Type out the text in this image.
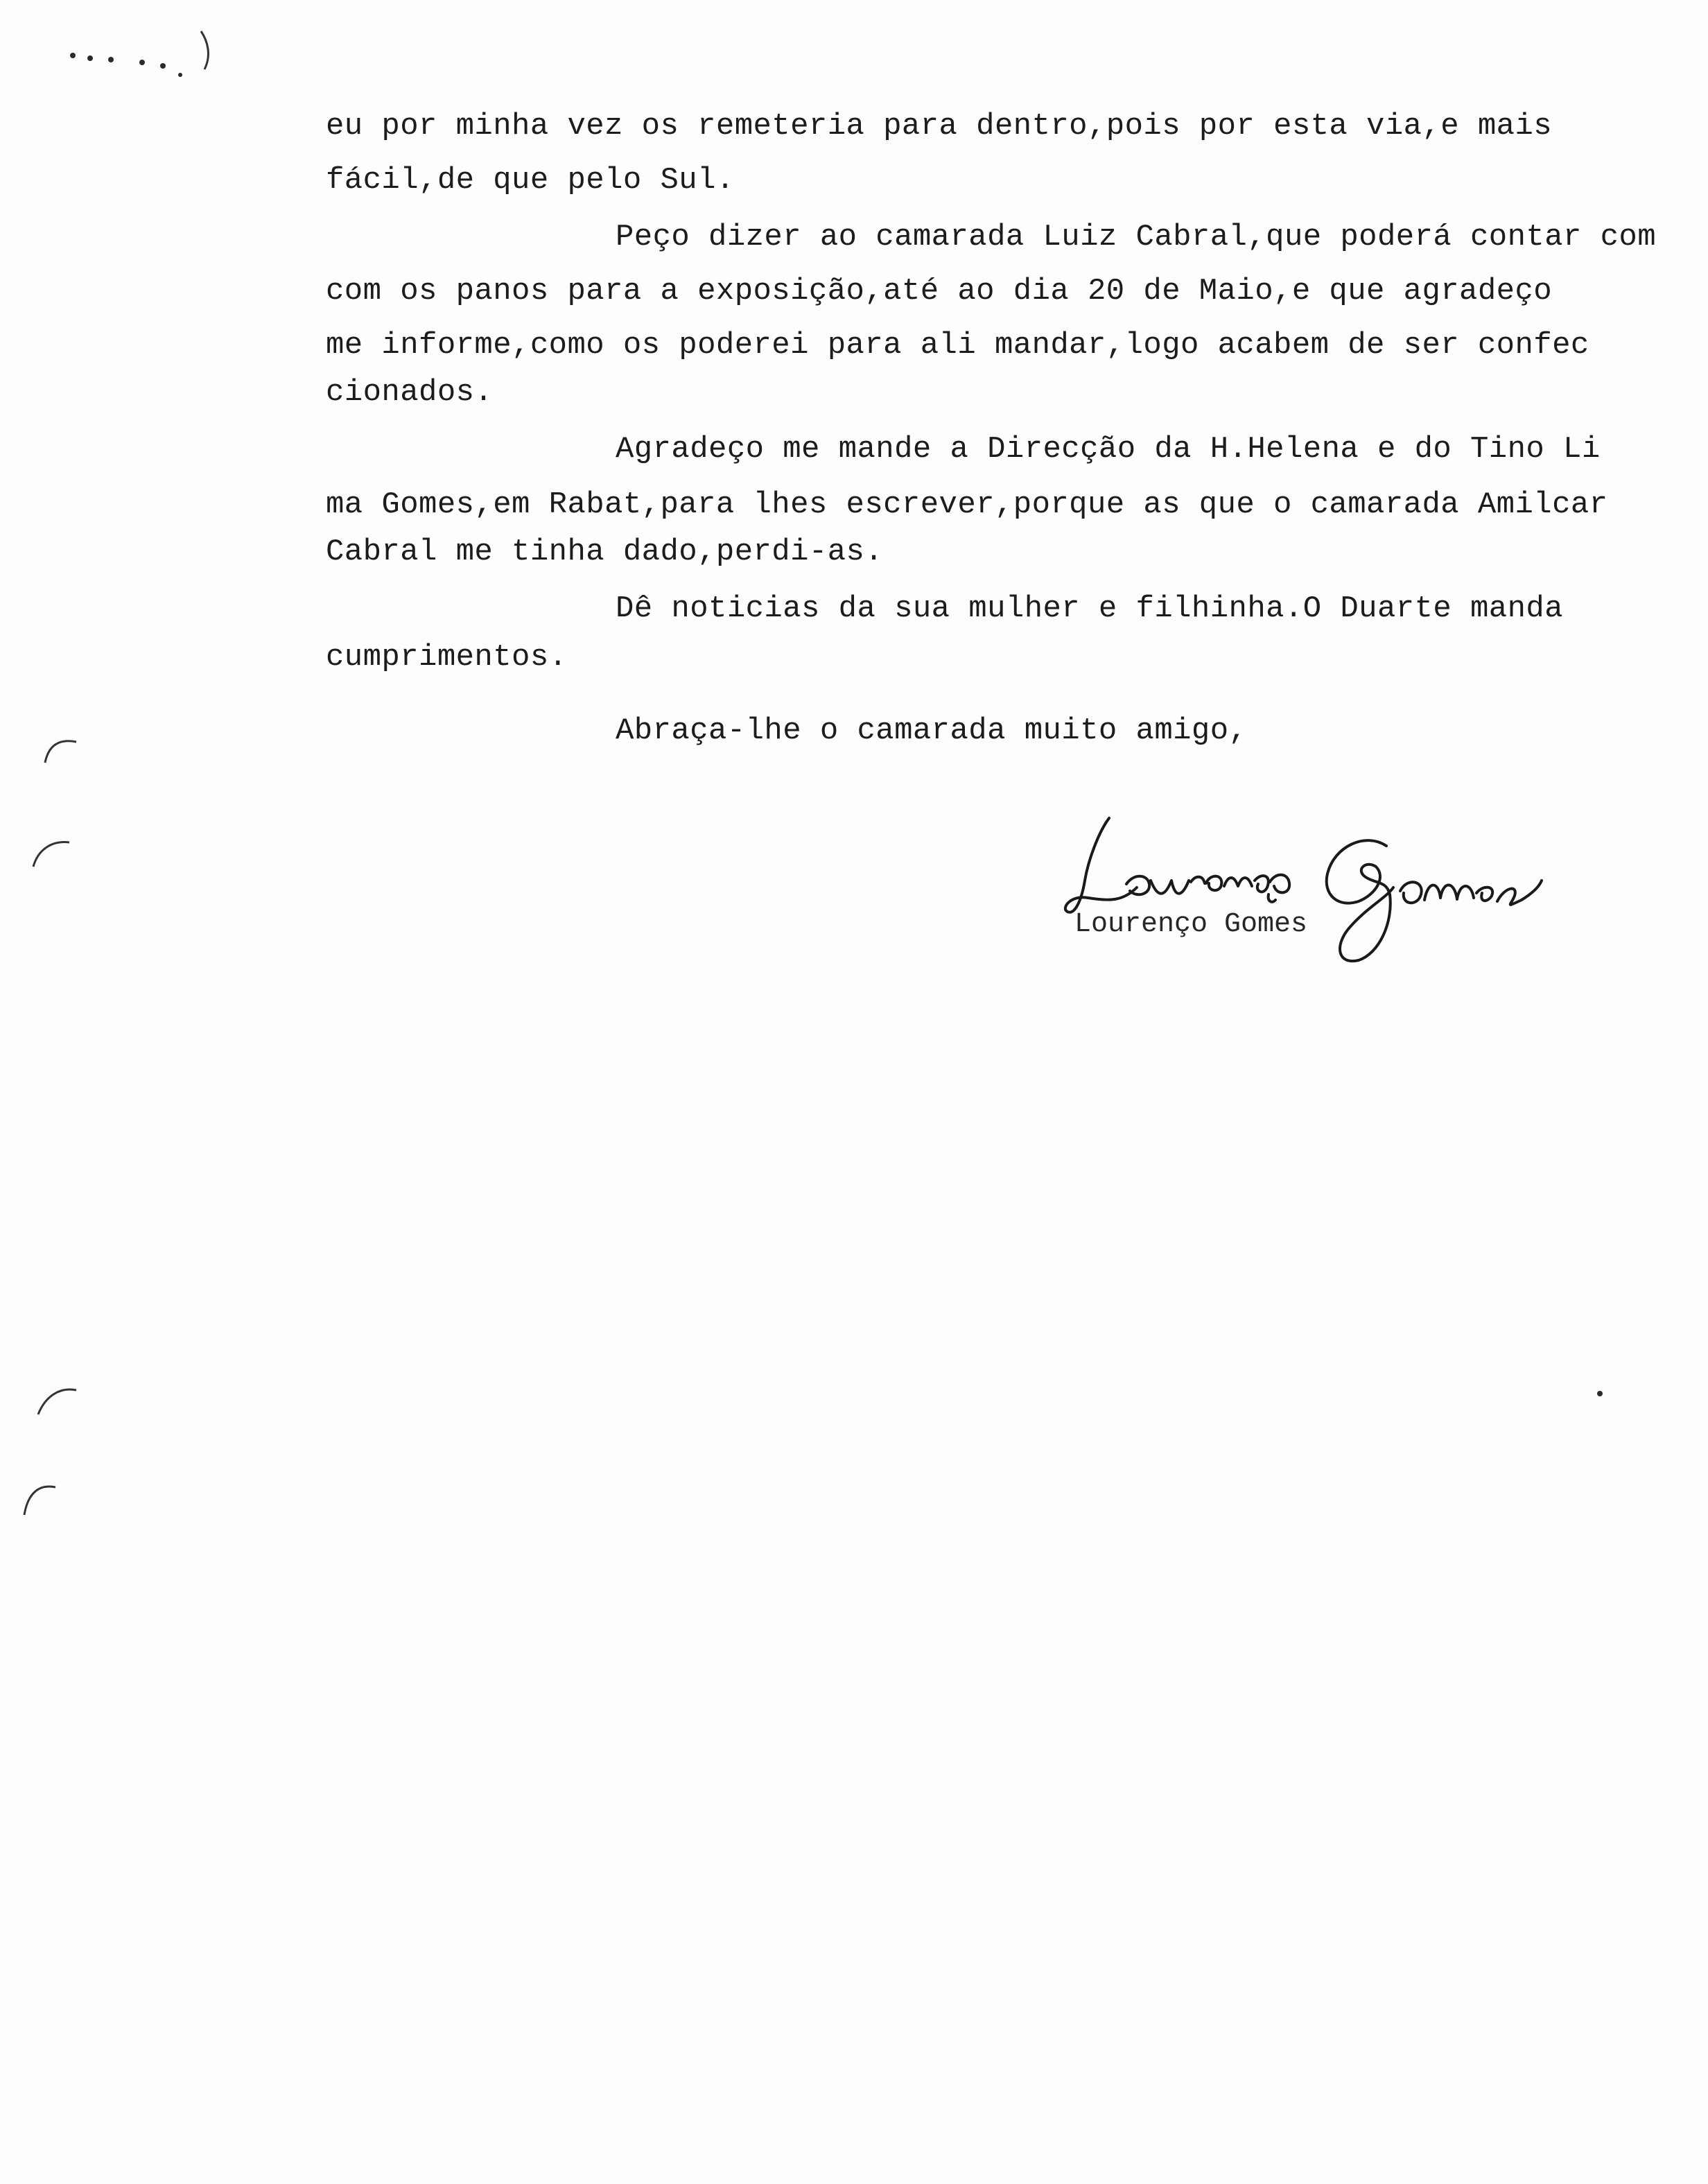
eu por minha vez os remeteria para dentro,pois por esta via,e mais
fácil,de que pelo Sul.
Peço dizer ao camarada Luiz Cabral,que poderá contar com
com os panos para a exposição,até ao dia 20 de Maio,e que agradeço
me informe,como os poderei para ali mandar,logo acabem de ser confec
cionados.
Agradeço me mande a Direcção da H.Helena e do Tino Li
ma Gomes,em Rabat,para lhes escrever,porque as que o camarada Amilcar
Cabral me tinha dado,perdi-as.
Dê noticias da sua mulher e filhinha.O Duarte manda
cumprimentos.
Abraça-lhe o camarada muito amigo,
Lourenço Gomes
